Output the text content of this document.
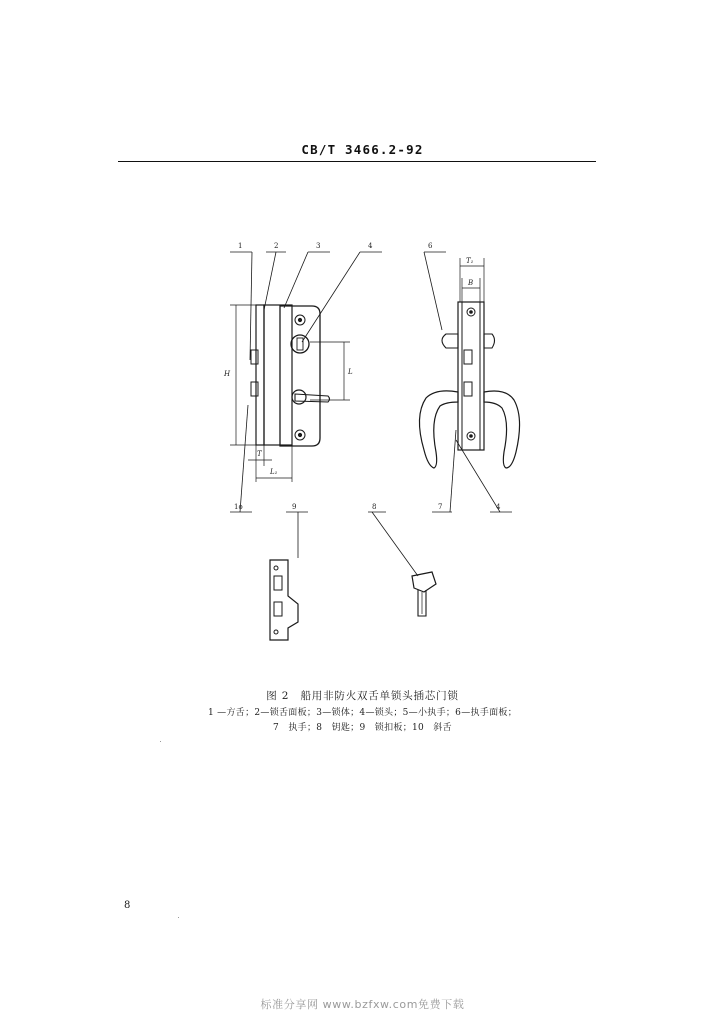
CB/T 3466.2-92
1	2	3	4	6
7	4
1o	9	8
H	L
T
L₁
T₁
B
图 2　船用非防火双舌单锁头插芯门锁
1 —方舌；2—锁舌面板；3—锁体；4—锁头；5—小执手；6—执手面板；
7　执手；8　钥匙；9　锁扣板；10　斜舌
8
标准分享网 www.bzfxw.com免费下载
